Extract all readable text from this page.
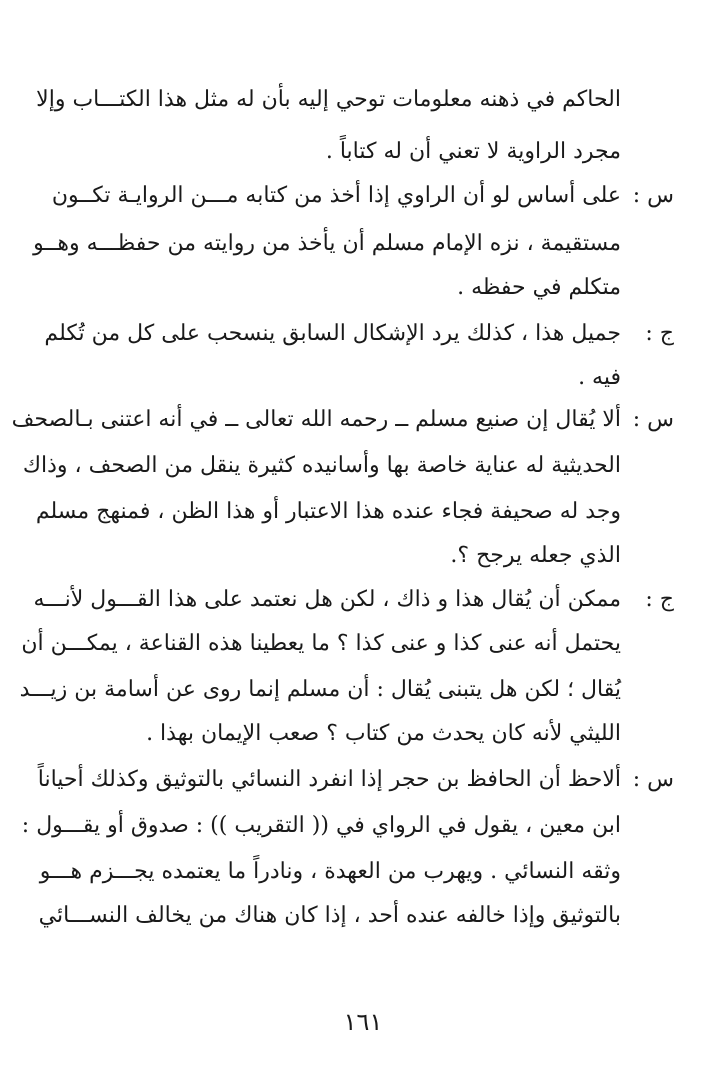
الحاكم في ذهنه معلومات توحي إليه بأن له مثل هذا الكتـــاب وإلا
مجرد الراوية لا تعني أن له كتاباً .
س :
على أساس لو أن الراوي إذا أخذ من كتابه مـــن الروايـة تكــون
مستقيمة ، نزه الإمام مسلم أن يأخذ من روايته من حفظـــه وهــو
متكلم في حفظه .
ج :
جميل هذا ، كذلك يرد الإشكال السابق ينسحب على كل من تُكلم
فيه .
س :
ألا يُقال إن صنيع مسلم ــ رحمه الله تعالى ــ في أنه اعتنى بـالصحف
الحديثية له عناية خاصة بها وأسانيده كثيرة ينقل من الصحف ، وذاك
وجد له صحيفة فجاء عنده هذا الاعتبار أو هذا الظن ، فمنهج مسلم
الذي جعله يرجح ؟.
ج :
ممكن أن يُقال هذا و ذاك ، لكن هل نعتمد على هذا القـــول لأنـــه
يحتمل أنه عنى كذا و عنى كذا ؟ ما يعطينا هذه القناعة ، يمكـــن أن
يُقال ؛ لكن هل يتبنى يُقال : أن مسلم إنما روى عن أسامة بن زيـــد
الليثي لأنه كان يحدث من كتاب ؟ صعب الإيمان بهذا .
س :
ألاحظ أن الحافظ بن حجر إذا انفرد النسائي بالتوثيق وكذلك أحياناً
ابن معين ، يقول في الرواي في (( التقريب )) : صدوق أو يقـــول :
وثقه النسائي . ويهرب من العهدة ، ونادراً ما يعتمده يجـــزم هـــو
بالتوثيق وإذا خالفه عنده أحد ، إذا كان هناك من يخالف النســـائي
١٦١
